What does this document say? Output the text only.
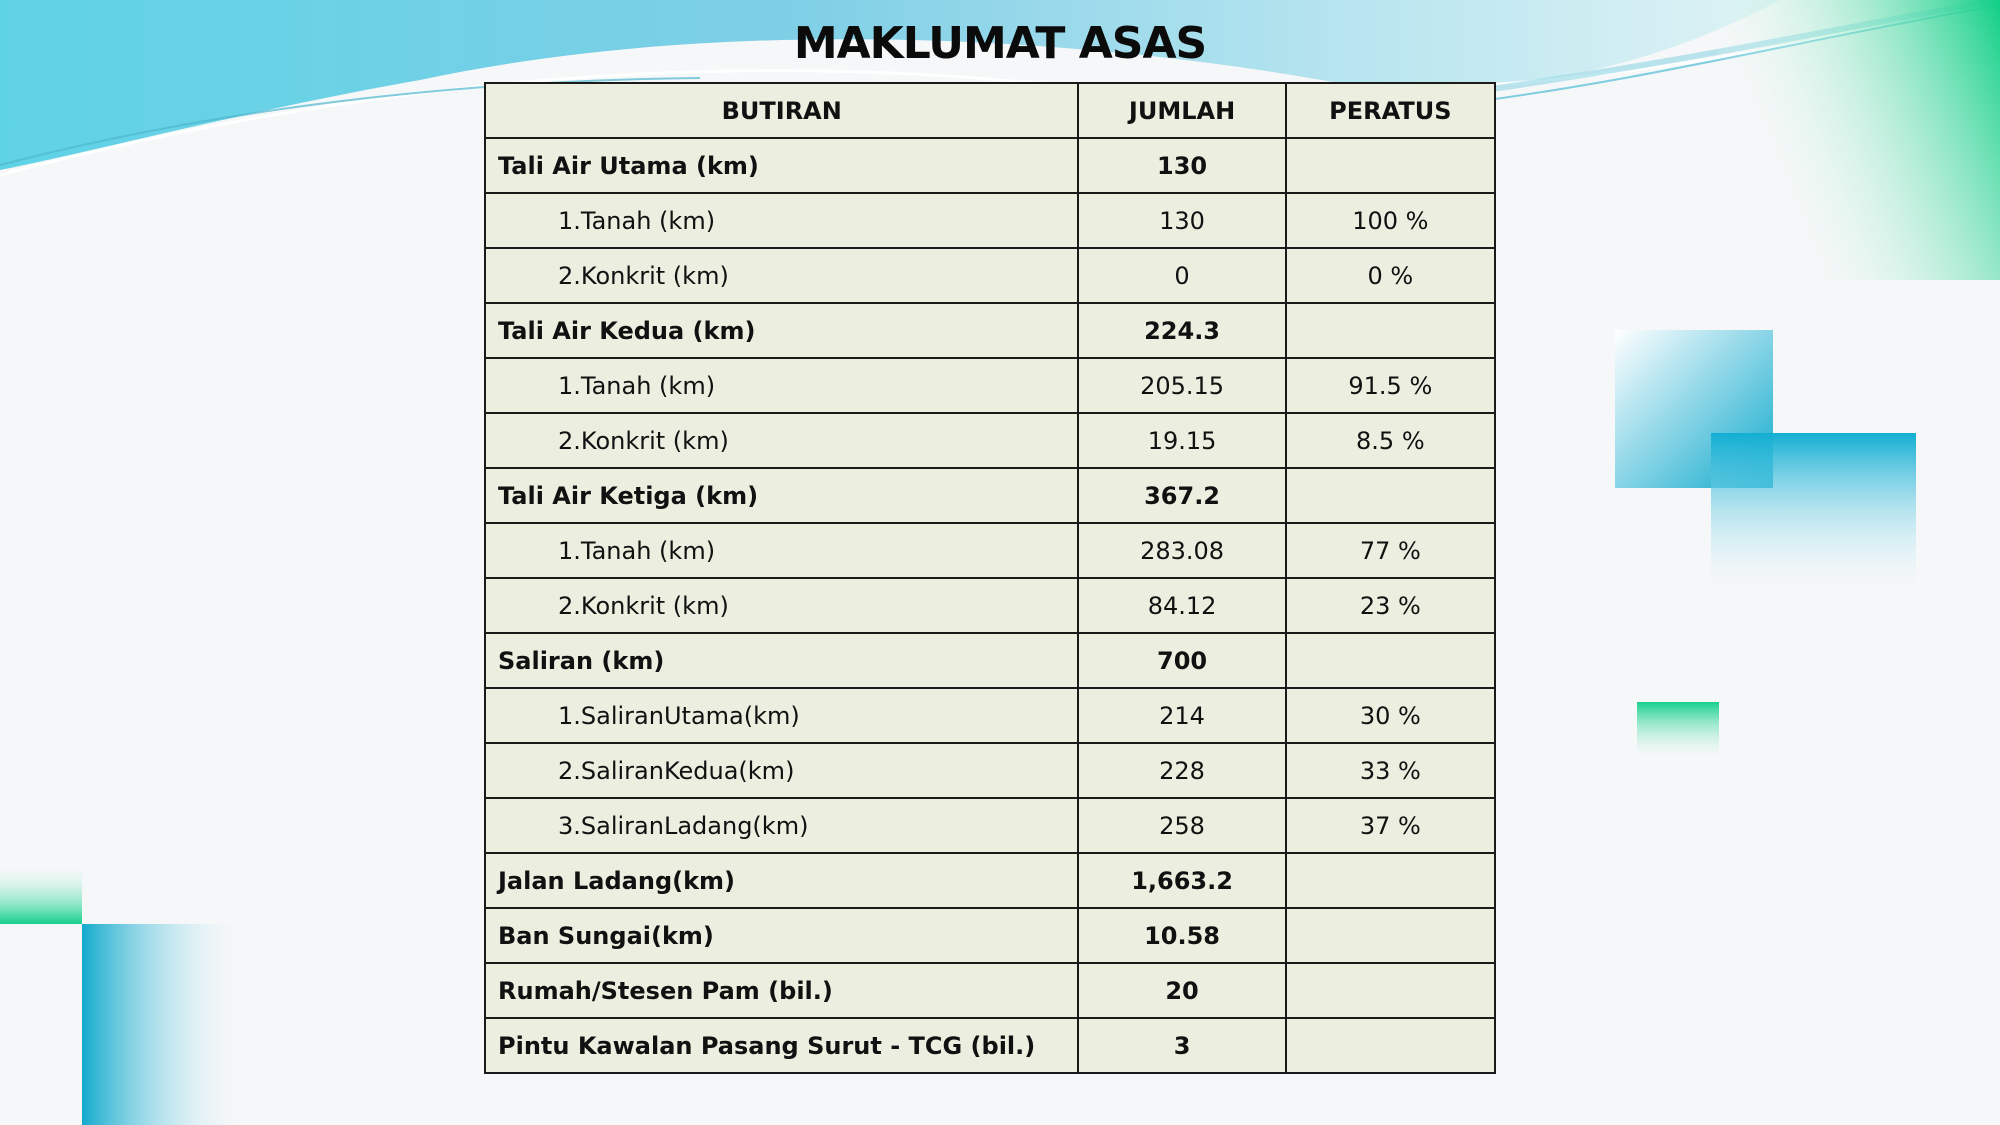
MAKLUMAT ASAS
BUTIRAN	JUMLAH	PERATUS
Tali Air Utama (km)	130	
1.Tanah (km)	130	100 %
2.Konkrit (km)	0	0 %
Tali Air Kedua (km)	224.3	
1.Tanah (km)	205.15	91.5 %
2.Konkrit (km)	19.15	8.5 %
Tali Air Ketiga (km)	367.2	
1.Tanah (km)	283.08	77 %
2.Konkrit (km)	84.12	23 %
Saliran (km)	700	
1.SaliranUtama(km)	214	30 %
2.SaliranKedua(km)	228	33 %
3.SaliranLadang(km)	258	37 %
Jalan Ladang(km)	1,663.2	
Ban Sungai(km)	10.58	
Rumah/Stesen Pam (bil.)	20	
Pintu Kawalan Pasang Surut - TCG (bil.)	3	
